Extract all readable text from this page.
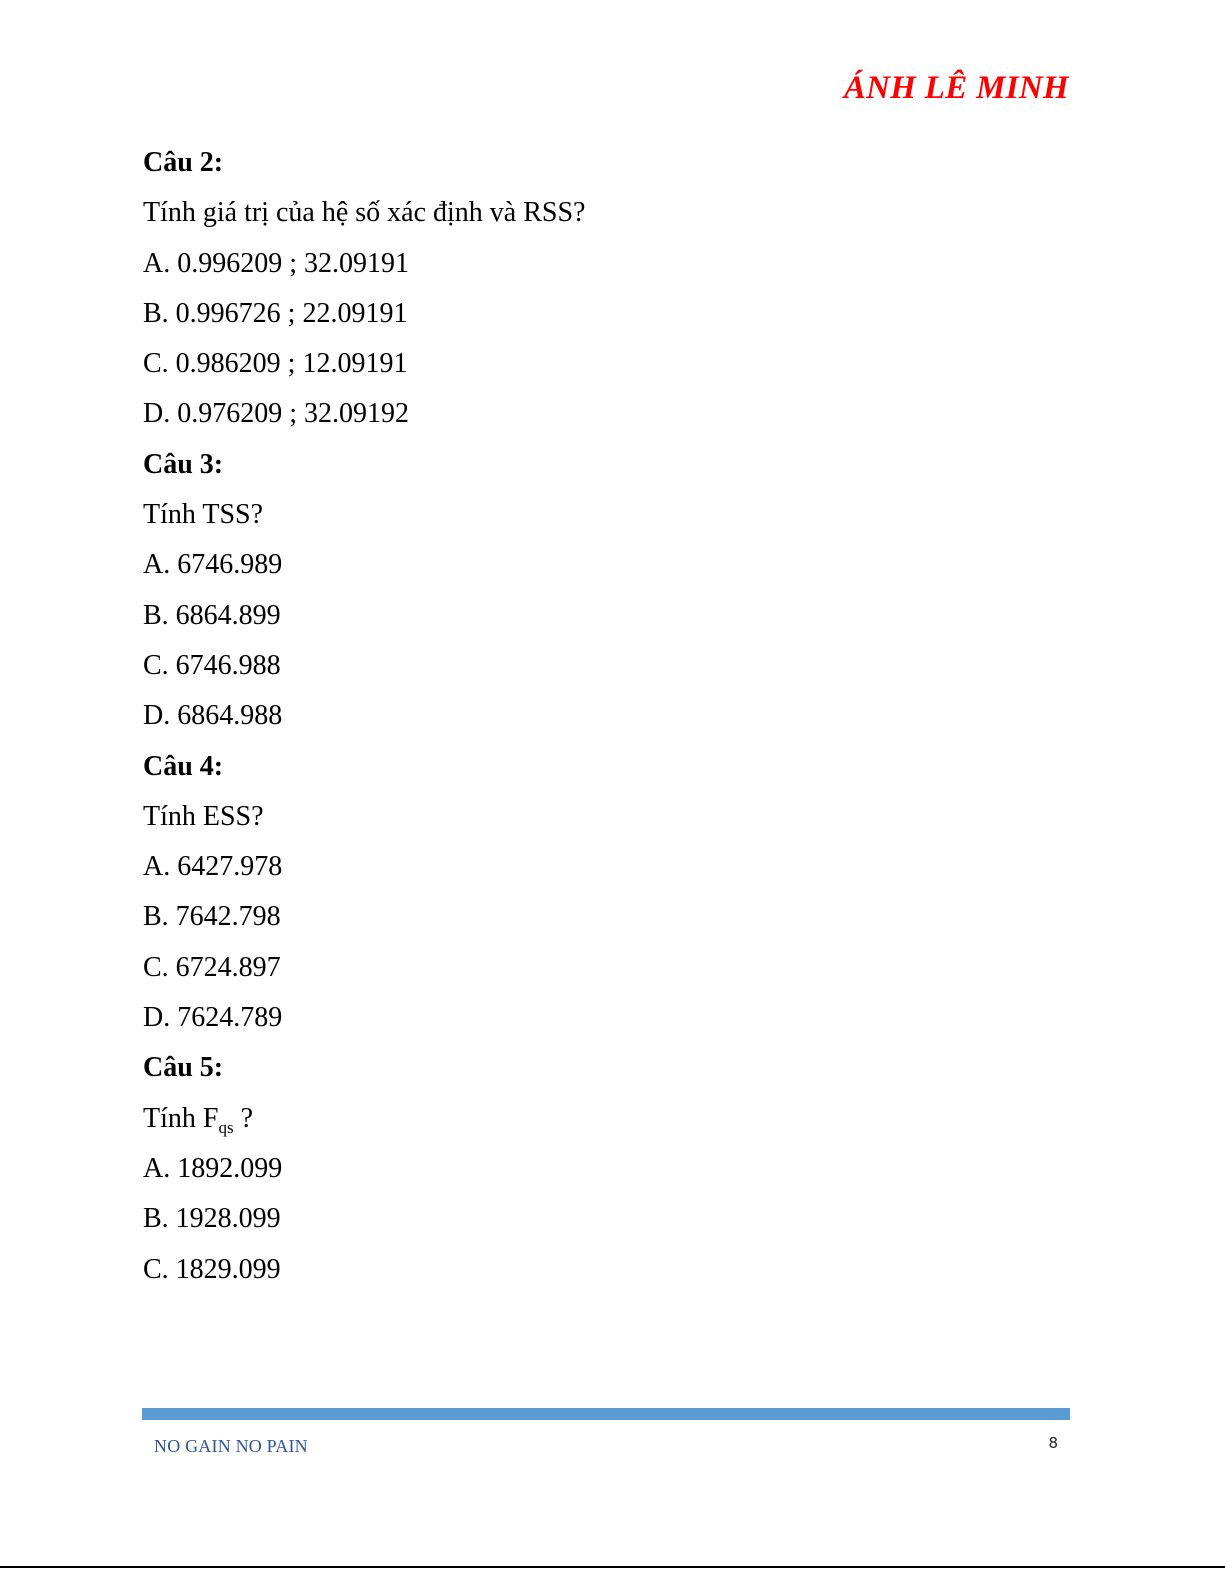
ÁNH LÊ MINH
Câu 2:
Tính giá trị của hệ số xác định và RSS?
A. 0.996209 ; 32.09191
B. 0.996726 ; 22.09191
C. 0.986209 ; 12.09191
D. 0.976209 ; 32.09192
Câu 3:
Tính TSS?
A. 6746.989
B. 6864.899
C. 6746.988
D. 6864.988
Câu 4:
Tính ESS?
A. 6427.978
B. 7642.798
C. 6724.897
D. 7624.789
Câu 5:
Tính $F_{qs}$ ?
A. 1892.099
B. 1928.099
C. 1829.099
NO GAIN NO PAIN	8
